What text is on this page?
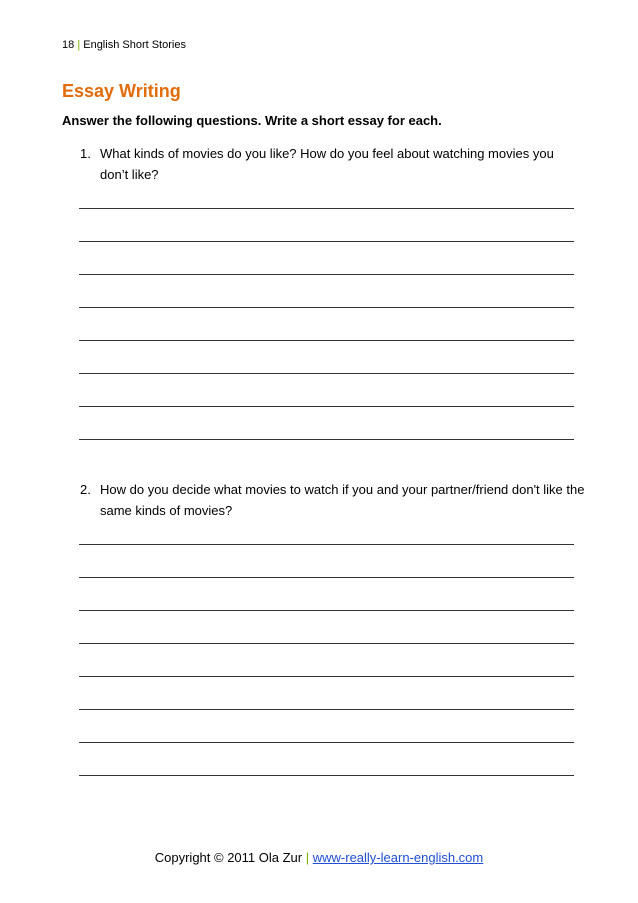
18 | English Short Stories
Essay Writing
Answer the following questions. Write a short essay for each.
1. What kinds of movies do you like? How do you feel about watching movies you don’t like?
2. How do you decide what movies to watch if you and your partner/friend don't like the same kinds of movies?
Copyright © 2011 Ola Zur | www-really-learn-english.com
